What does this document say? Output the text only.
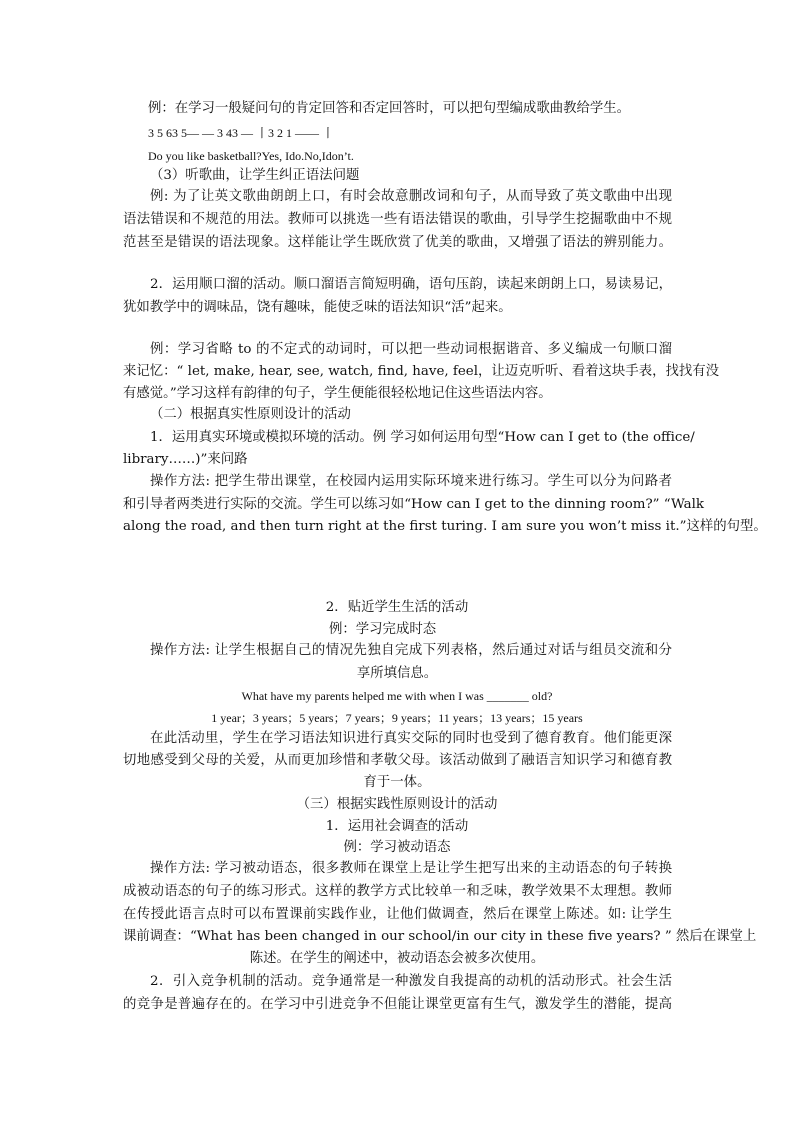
例：在学习一般疑问句的肯定回答和否定回答时，可以把句型编成歌曲教给学生。
3 5 63 5— — 3 43 — 丨3 2 1 —— 丨
Do you like basketball?Yes, Ido.No,Idon’t.
（3）听歌曲，让学生纠正语法问题
例: 为了让英文歌曲朗朗上口，有时会故意删改词和句子，从而导致了英文歌曲中出现
语法错误和不规范的用法。教师可以挑选一些有语法错误的歌曲，引导学生挖掘歌曲中不规
范甚至是错误的语法现象。这样能让学生既欣赏了优美的歌曲，又增强了语法的辨别能力。
2．运用顺口溜的活动。顺口溜语言简短明确，语句压韵，读起来朗朗上口，易读易记，
犹如教学中的调味品，饶有趣味，能使乏味的语法知识“活”起来。
例：学习省略 to 的不定式的动词时，可以把一些动词根据谐音、多义编成一句顺口溜
来记忆：“ let, make, hear, see, watch, find, have, feel，让迈克听听、看着这块手表，找找有没
有感觉。”学习这样有韵律的句子，学生便能很轻松地记住这些语法内容。
（二）根据真实性原则设计的活动
1．运用真实环境或模拟环境的活动。例 学习如何运用句型“How can I get to (the office/
library……)”来问路
操作方法: 把学生带出课堂，在校园内运用实际环境来进行练习。学生可以分为问路者
和引导者两类进行实际的交流。学生可以练习如“How can I get to the dinning room?” “Walk
along the road, and then turn right at the first turing. I am sure you won’t miss it.”这样的句型。
2．贴近学生生活的活动
例：学习完成时态
操作方法: 让学生根据自己的情况先独自完成下列表格，然后通过对话与组员交流和分
享所填信息。
What have my parents helped me with when I was _______ old?
1 year；3 years；5 years；7 years；9 years；11 years；13 years；15 years
在此活动里，学生在学习语法知识进行真实交际的同时也受到了德育教育。他们能更深
切地感受到父母的关爱，从而更加珍惜和孝敬父母。该活动做到了融语言知识学习和德育教
育于一体。
（三）根据实践性原则设计的活动
1．运用社会调查的活动
例：学习被动语态
操作方法: 学习被动语态，很多教师在课堂上是让学生把写出来的主动语态的句子转换
成被动语态的句子的练习形式。这样的教学方式比较单一和乏味，教学效果不太理想。教师
在传授此语言点时可以布置课前实践作业，让他们做调查，然后在课堂上陈述。如: 让学生
课前调查：“What has been changed in our school/in our city in these five years? ” 然后在课堂上
陈述。在学生的阐述中，被动语态会被多次使用。
2．引入竞争机制的活动。竞争通常是一种激发自我提高的动机的活动形式。社会生活
的竞争是普遍存在的。在学习中引进竞争不但能让课堂更富有生气，激发学生的潜能，提高
